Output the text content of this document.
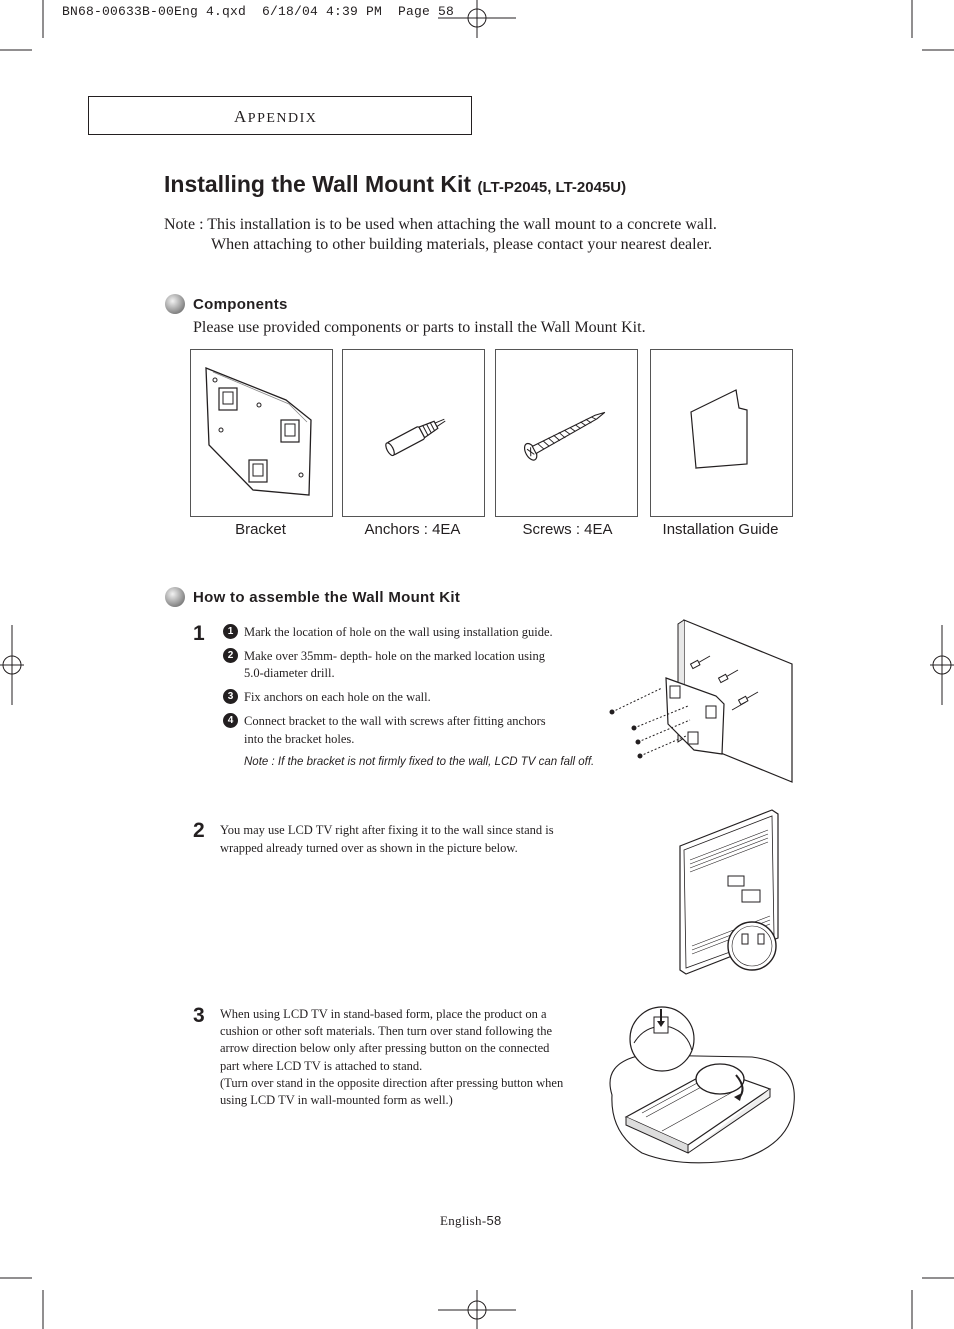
BN68-00633B-00Eng 4.qxd  6/18/04 4:39 PM  Page 58
APPENDIX
Installing the Wall Mount Kit (LT-P2045, LT-2045U)
Note : This installation is to be used when attaching the wall mount to a concrete wall.
When attaching to other building materials, please contact your nearest dealer.
Components
Please use provided components or parts to install the Wall Mount Kit.
Bracket	Anchors : 4EA	Screws : 4EA	Installation Guide
How to assemble the Wall Mount Kit
1	1 Mark the location of hole on the wall using installation guide.
2 Make over 35mm- depth- hole on the marked location using
5.0-diameter drill.
3 Fix anchors on each hole on the wall.
4 Connect bracket to the wall with screws after fitting anchors
into the bracket holes.
Note : If the bracket is not firmly fixed to the wall, LCD TV can fall off.
2 You may use LCD TV right after fixing it to the wall since stand is
wrapped already turned over as shown in the picture below.
3 When using LCD TV in stand-based form, place the product on a
cushion or other soft materials. Then turn over stand following the
arrow direction below only after pressing button on the connected
part where LCD TV is attached to stand.
(Turn over stand in the opposite direction after pressing button when
using LCD TV in wall-mounted form as well.)
English-58
